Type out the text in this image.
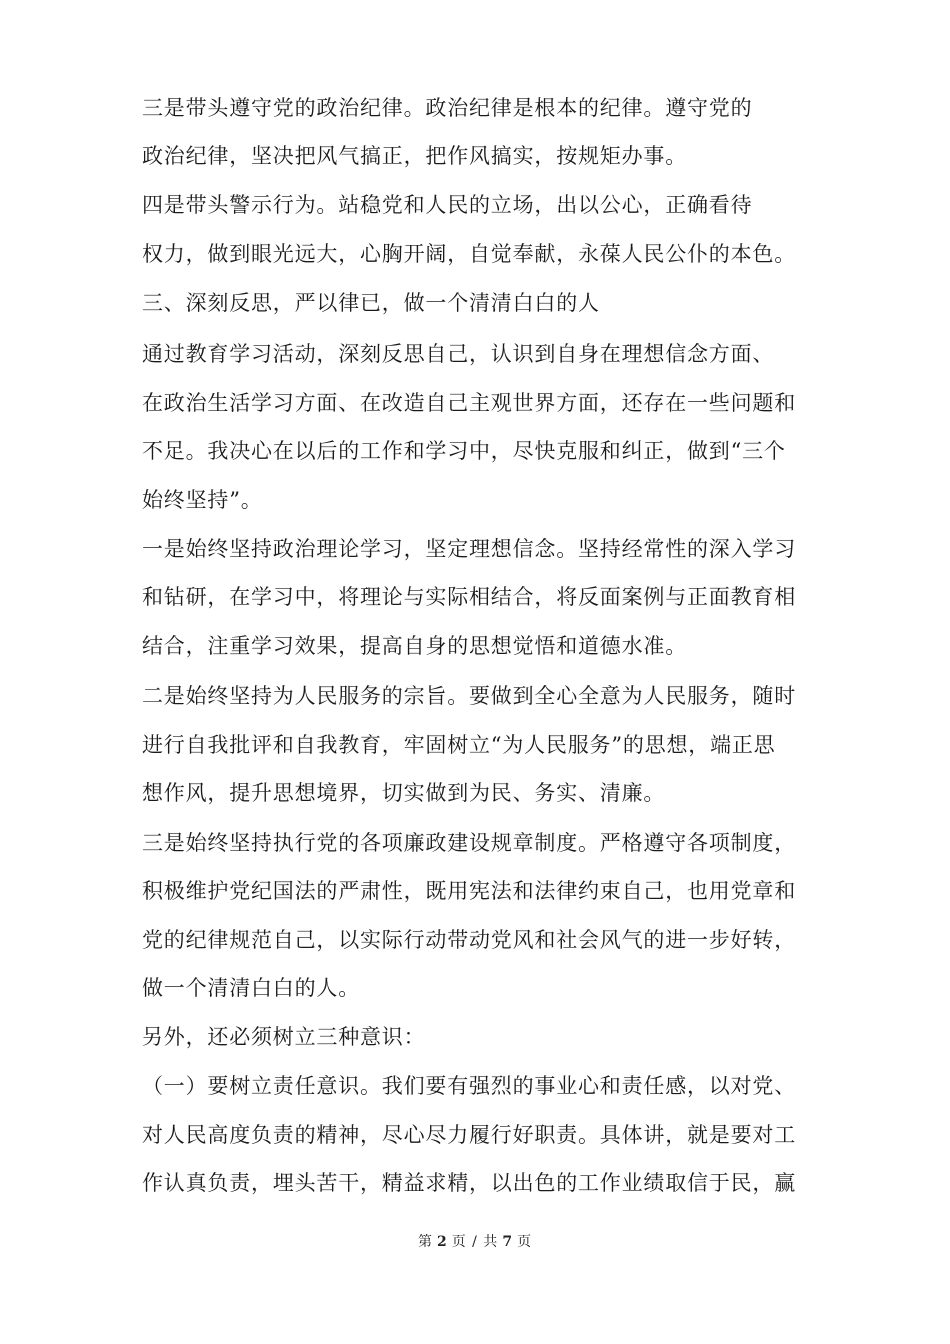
三是带头遵守党的政治纪律。政治纪律是根本的纪律。遵守党的
政治纪律，坚决把风气搞正，把作风搞实，按规矩办事。
四是带头警示行为。站稳党和人民的立场，出以公心，正确看待
权力，做到眼光远大，心胸开阔，自觉奉献，永葆人民公仆的本色。
三、深刻反思，严以律已，做一个清清白白的人
通过教育学习活动，深刻反思自己，认识到自身在理想信念方面、
在政治生活学习方面、在改造自己主观世界方面，还存在一些问题和
不足。我决心在以后的工作和学习中，尽快克服和纠正，做到“三个
始终坚持”。
一是始终坚持政治理论学习，坚定理想信念。坚持经常性的深入学习
和钻研，在学习中，将理论与实际相结合，将反面案例与正面教育相
结合，注重学习效果，提高自身的思想觉悟和道德水准。
二是始终坚持为人民服务的宗旨。要做到全心全意为人民服务，随时
进行自我批评和自我教育，牢固树立“为人民服务”的思想，端正思
想作风，提升思想境界，切实做到为民、务实、清廉。
三是始终坚持执行党的各项廉政建设规章制度。严格遵守各项制度，
积极维护党纪国法的严肃性，既用宪法和法律约束自己，也用党章和
党的纪律规范自己，以实际行动带动党风和社会风气的进一步好转，
做一个清清白白的人。
另外，还必须树立三种意识：
（一）要树立责任意识。我们要有强烈的事业心和责任感，以对党、
对人民高度负责的精神，尽心尽力履行好职责。具体讲，就是要对工
作认真负责，埋头苦干，精益求精，以出色的工作业绩取信于民，赢
第 2 页 / 共 7 页
